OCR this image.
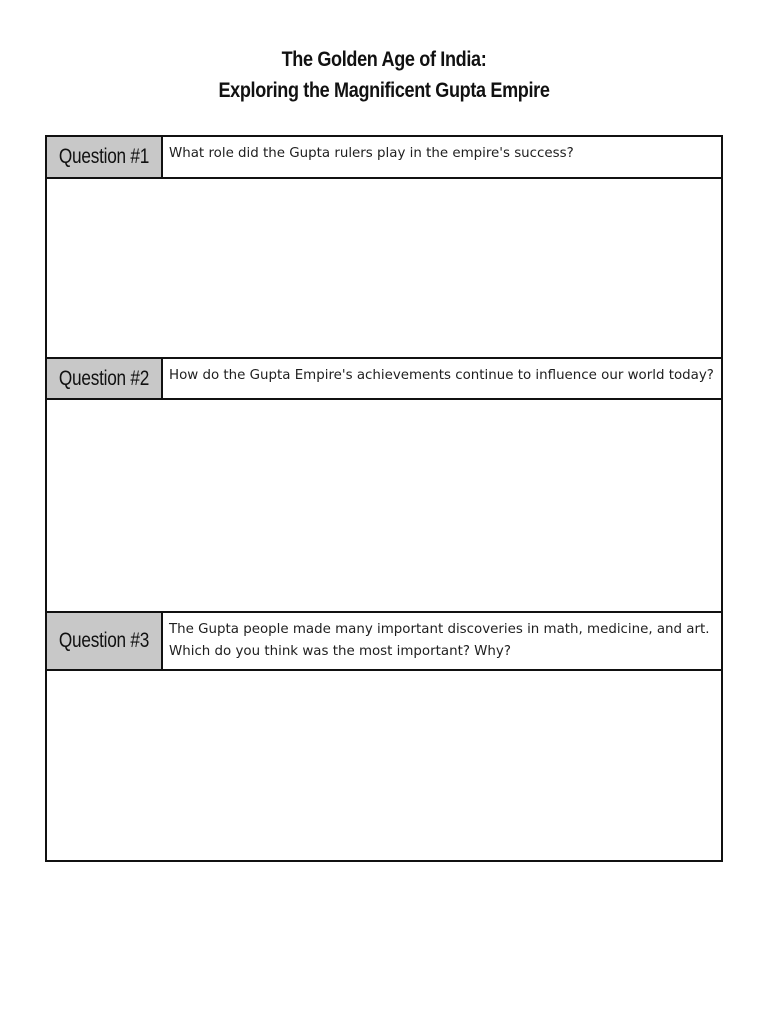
The Golden Age of India:
Exploring the Magnificent Gupta Empire
Question #1	What role did the Gupta rulers play in the empire's success?
Question #2	How do the Gupta Empire's achievements continue to influence our world today?
Question #3	The Gupta people made many important discoveries in math, medicine, and art. Which do you think was the most important? Why?
